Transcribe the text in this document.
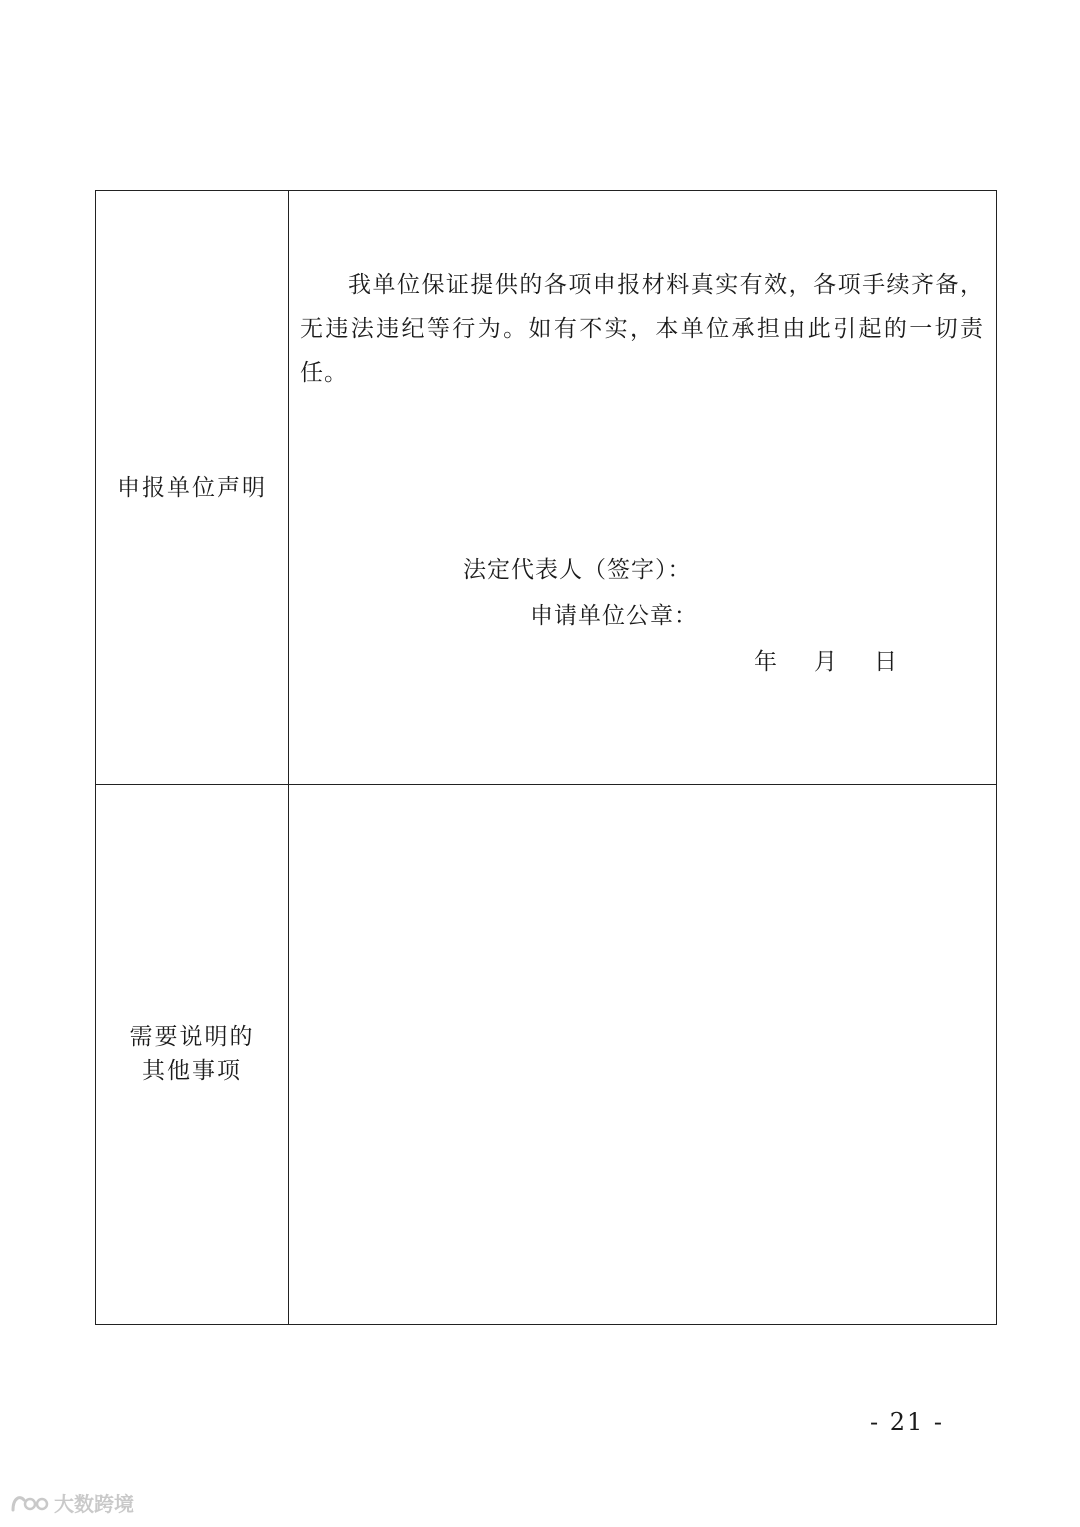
申报单位声明

我单位保证提供的各项申报材料真实有效，各项手续齐备，无违法违纪等行为。如有不实，本单位承担由此引起的一切责任。

法定代表人（签字）：
申请单位公章：
年 月 日
需要说明的
其他事项
- 21 -
大数跨境
